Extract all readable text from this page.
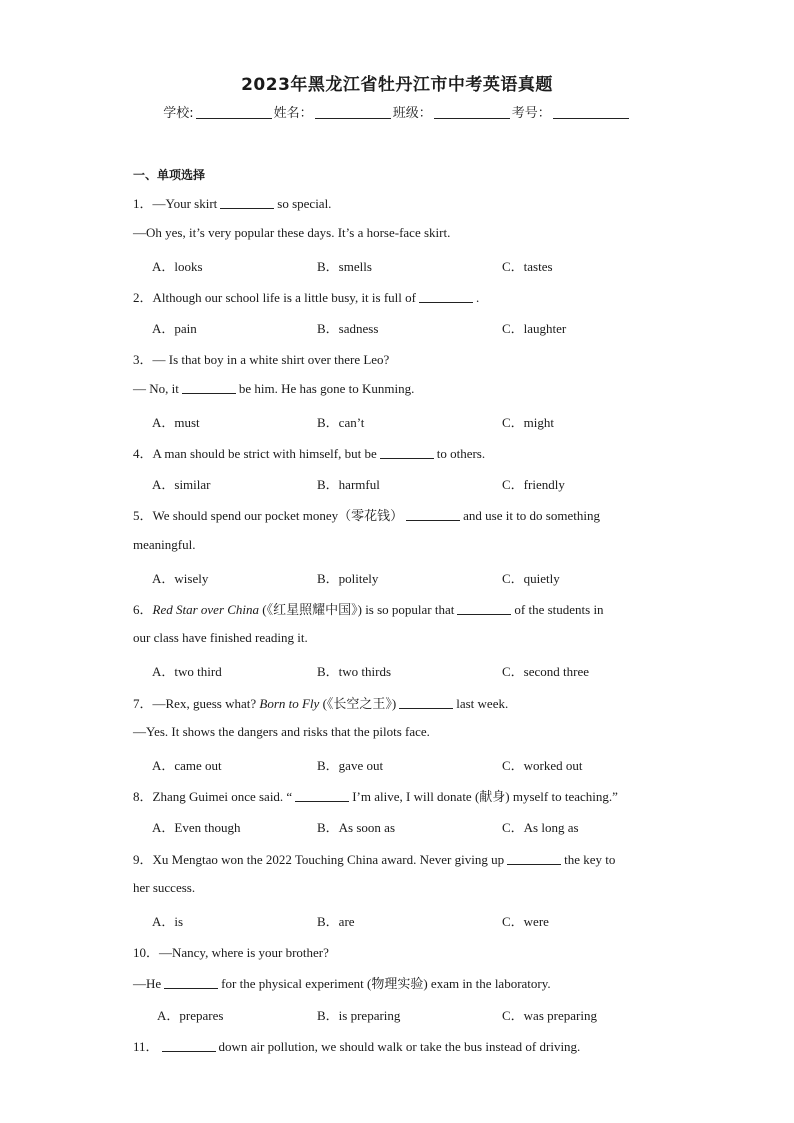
2023年黑龙江省牡丹江市中考英语真题
学校:	姓名：	班级：	考号：
一、单项选择
1．—Your skirt	so special.
—Oh yes, it’s very popular these days. It’s a horse-face skirt.
A．looks	B．smells	C．tastes
2．Although our school life is a little busy, it is full of	.
A．pain	B．sadness	C．laughter
3．— Is that boy in a white shirt over there Leo?
— No, it	be him. He has gone to Kunming.
A．must	B．can’t	C．might
4．A man should be strict with himself, but be	to others.
A．similar	B．harmful	C．friendly
5．We should spend our pocket money（零花钱）	and use it to do something
meaningful.
A．wisely	B．politely	C．quietly
6．Red Star over China (《红星照耀中国》) is so popular that	of the students in
our class have finished reading it.
A．two third	B．two thirds	C．second three
7．—Rex, guess what? Born to Fly (《长空之王》)	last week.
—Yes. It shows the dangers and risks that the pilots face.
A．came out	B．gave out	C．worked out
8．Zhang Guimei once said. “	I’m alive, I will donate (献身) myself to teaching.”
A．Even though	B．As soon as	C．As long as
9．Xu Mengtao won the 2022 Touching China award. Never giving up	the key to
her success.
A．is	B．are	C．were
10．—Nancy, where is your brother?
—He	for the physical experiment (物理实验) exam in the laboratory.
A．prepares	B．is preparing	C．was preparing
11．	down air pollution, we should walk or take the bus instead of driving.
